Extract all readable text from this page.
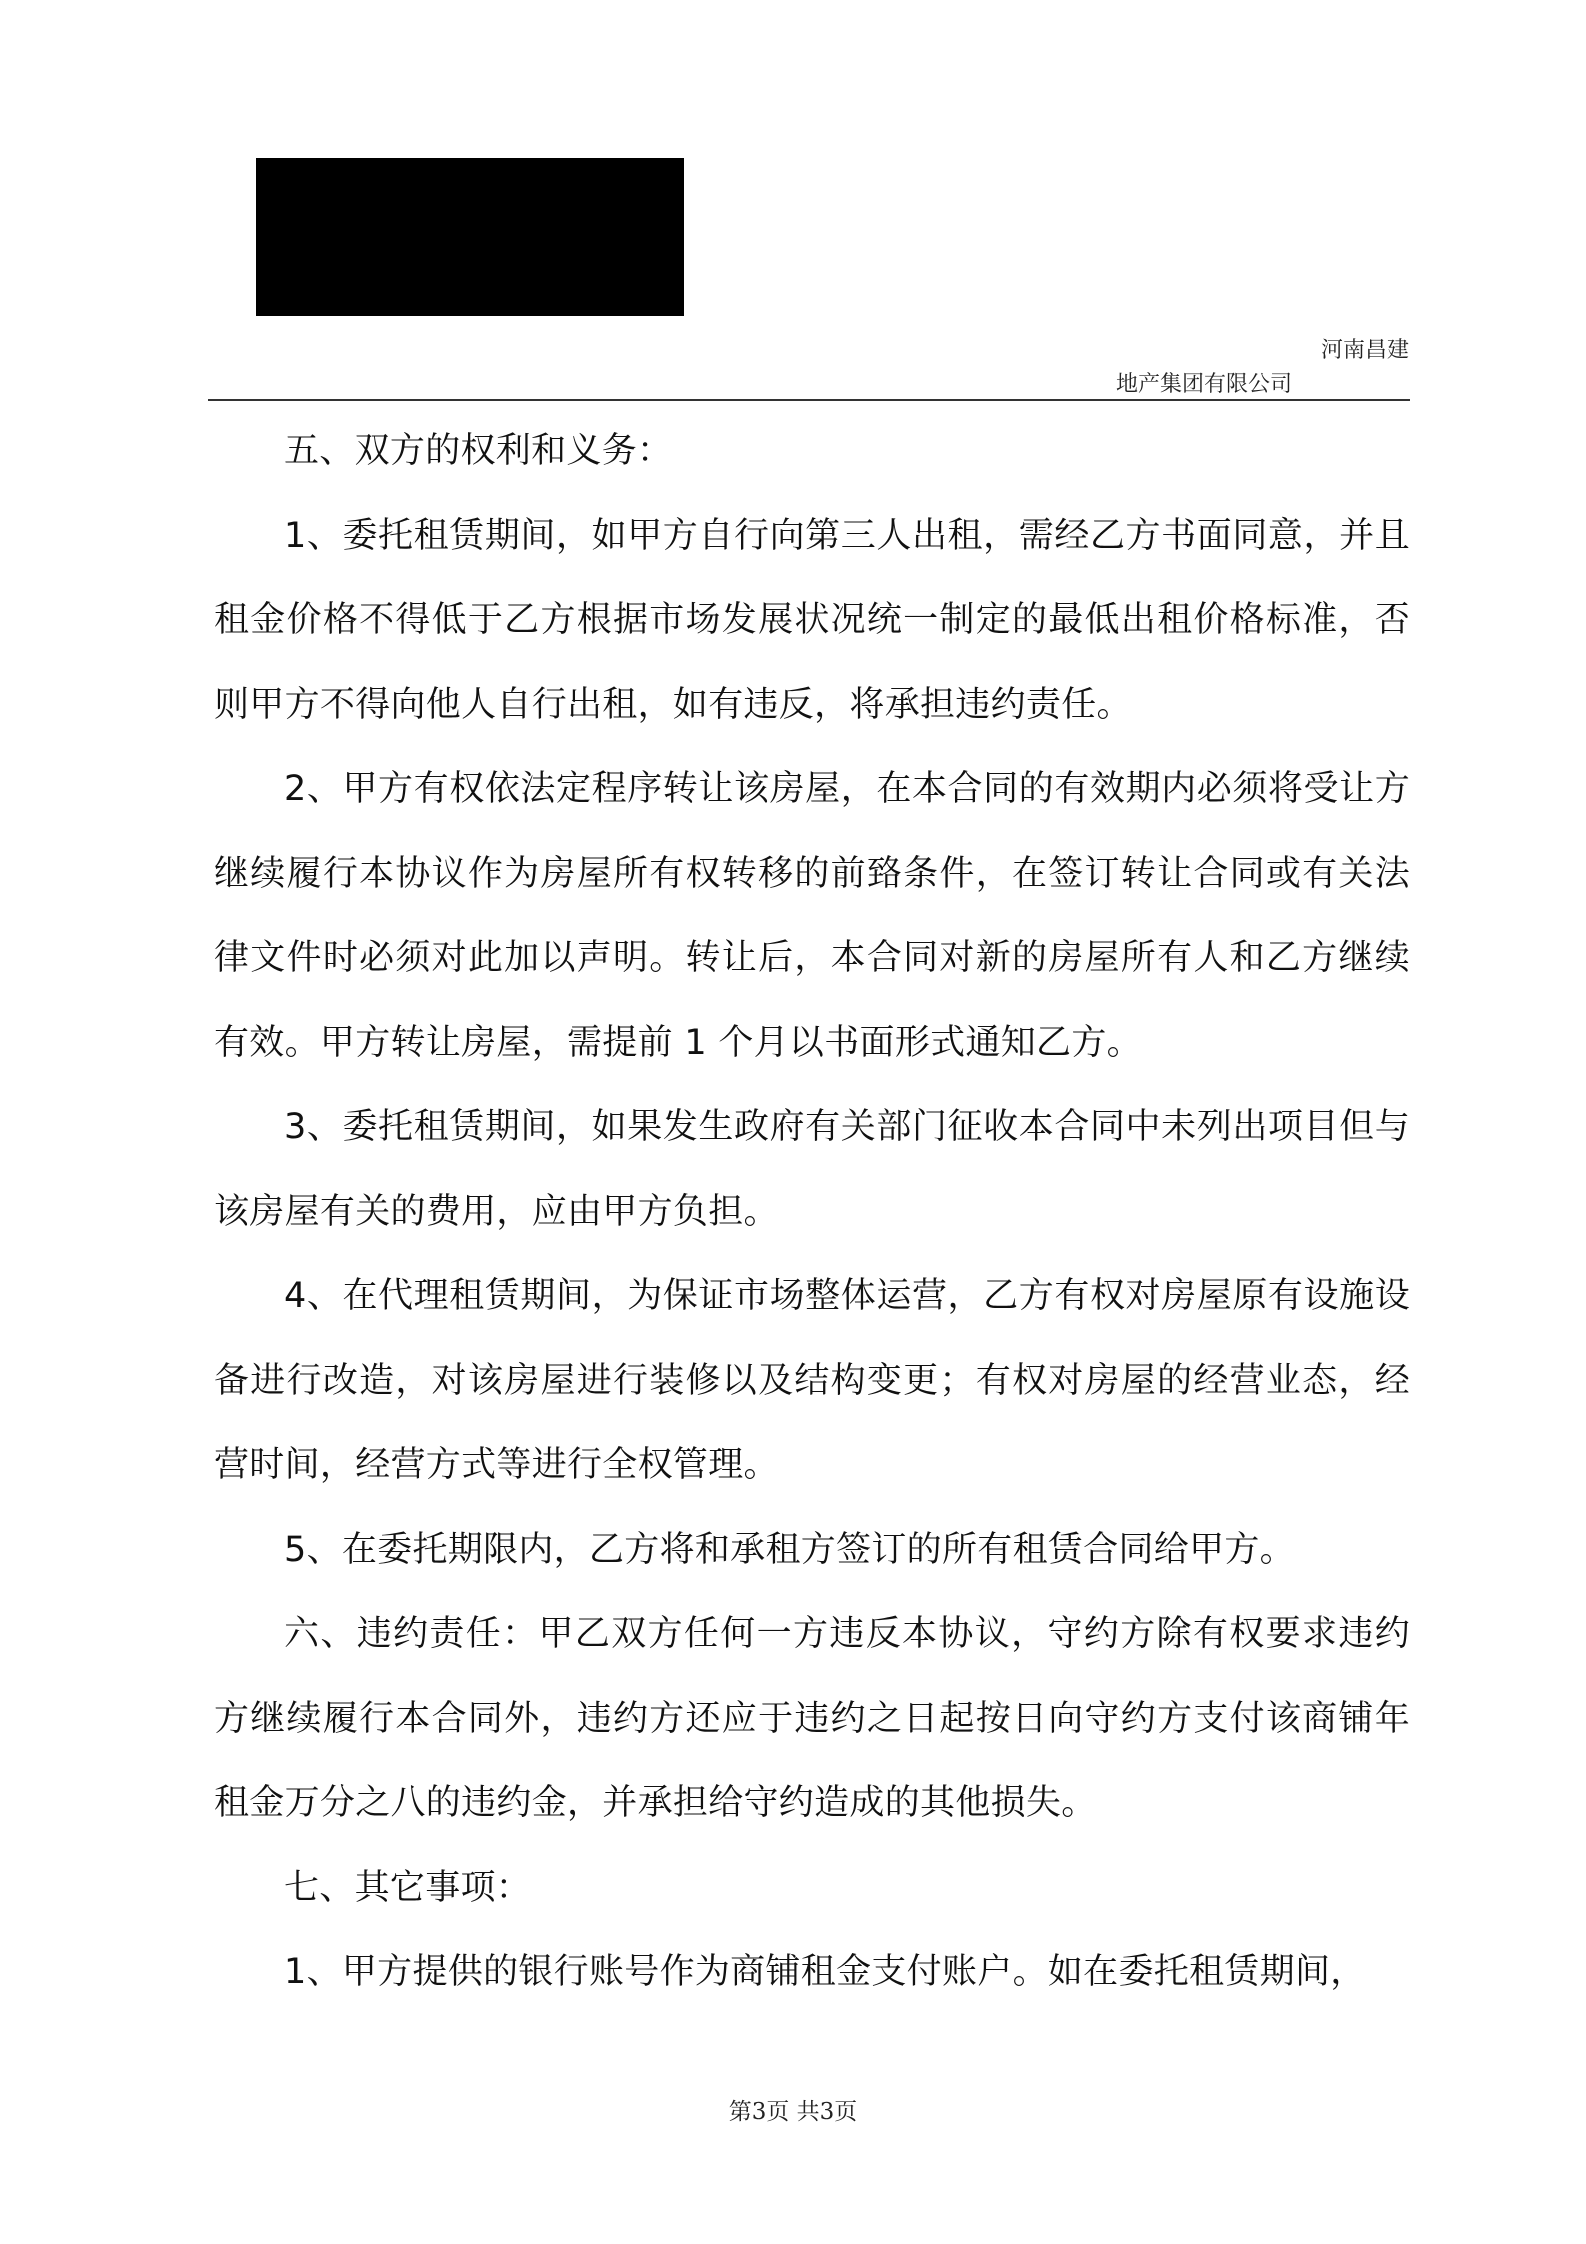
河南昌建
地产集团有限公司

五、双方的权利和义务：

1、委托租赁期间，如甲方自行向第三人出租，需经乙方书面同意，并且租金价格不得低于乙方根据市场发展状况统一制定的最低出租价格标准，否则甲方不得向他人自行出租，如有违反，将承担违约责任。

2、甲方有权依法定程序转让该房屋，在本合同的有效期内必须将受让方继续履行本协议作为房屋所有权转移的前臵条件，在签订转让合同或有关法律文件时必须对此加以声明。转让后，本合同对新的房屋所有人和乙方继续有效。甲方转让房屋，需提前 1 个月以书面形式通知乙方。

3、委托租赁期间，如果发生政府有关部门征收本合同中未列出项目但与该房屋有关的费用，应由甲方负担。

4、在代理租赁期间，为保证市场整体运营，乙方有权对房屋原有设施设备进行改造，对该房屋进行装修以及结构变更；有权对房屋的经营业态，经营时间，经营方式等进行全权管理。

5、在委托期限内，乙方将和承租方签订的所有租赁合同给甲方。

六、违约责任：甲乙双方任何一方违反本协议，守约方除有权要求违约方继续履行本合同外，违约方还应于违约之日起按日向守约方支付该商铺年租金万分之八的违约金，并承担给守约造成的其他损失。

七、其它事项：

1、甲方提供的银行账号作为商铺租金支付账户。如在委托租赁期间，

第3页 共3页
